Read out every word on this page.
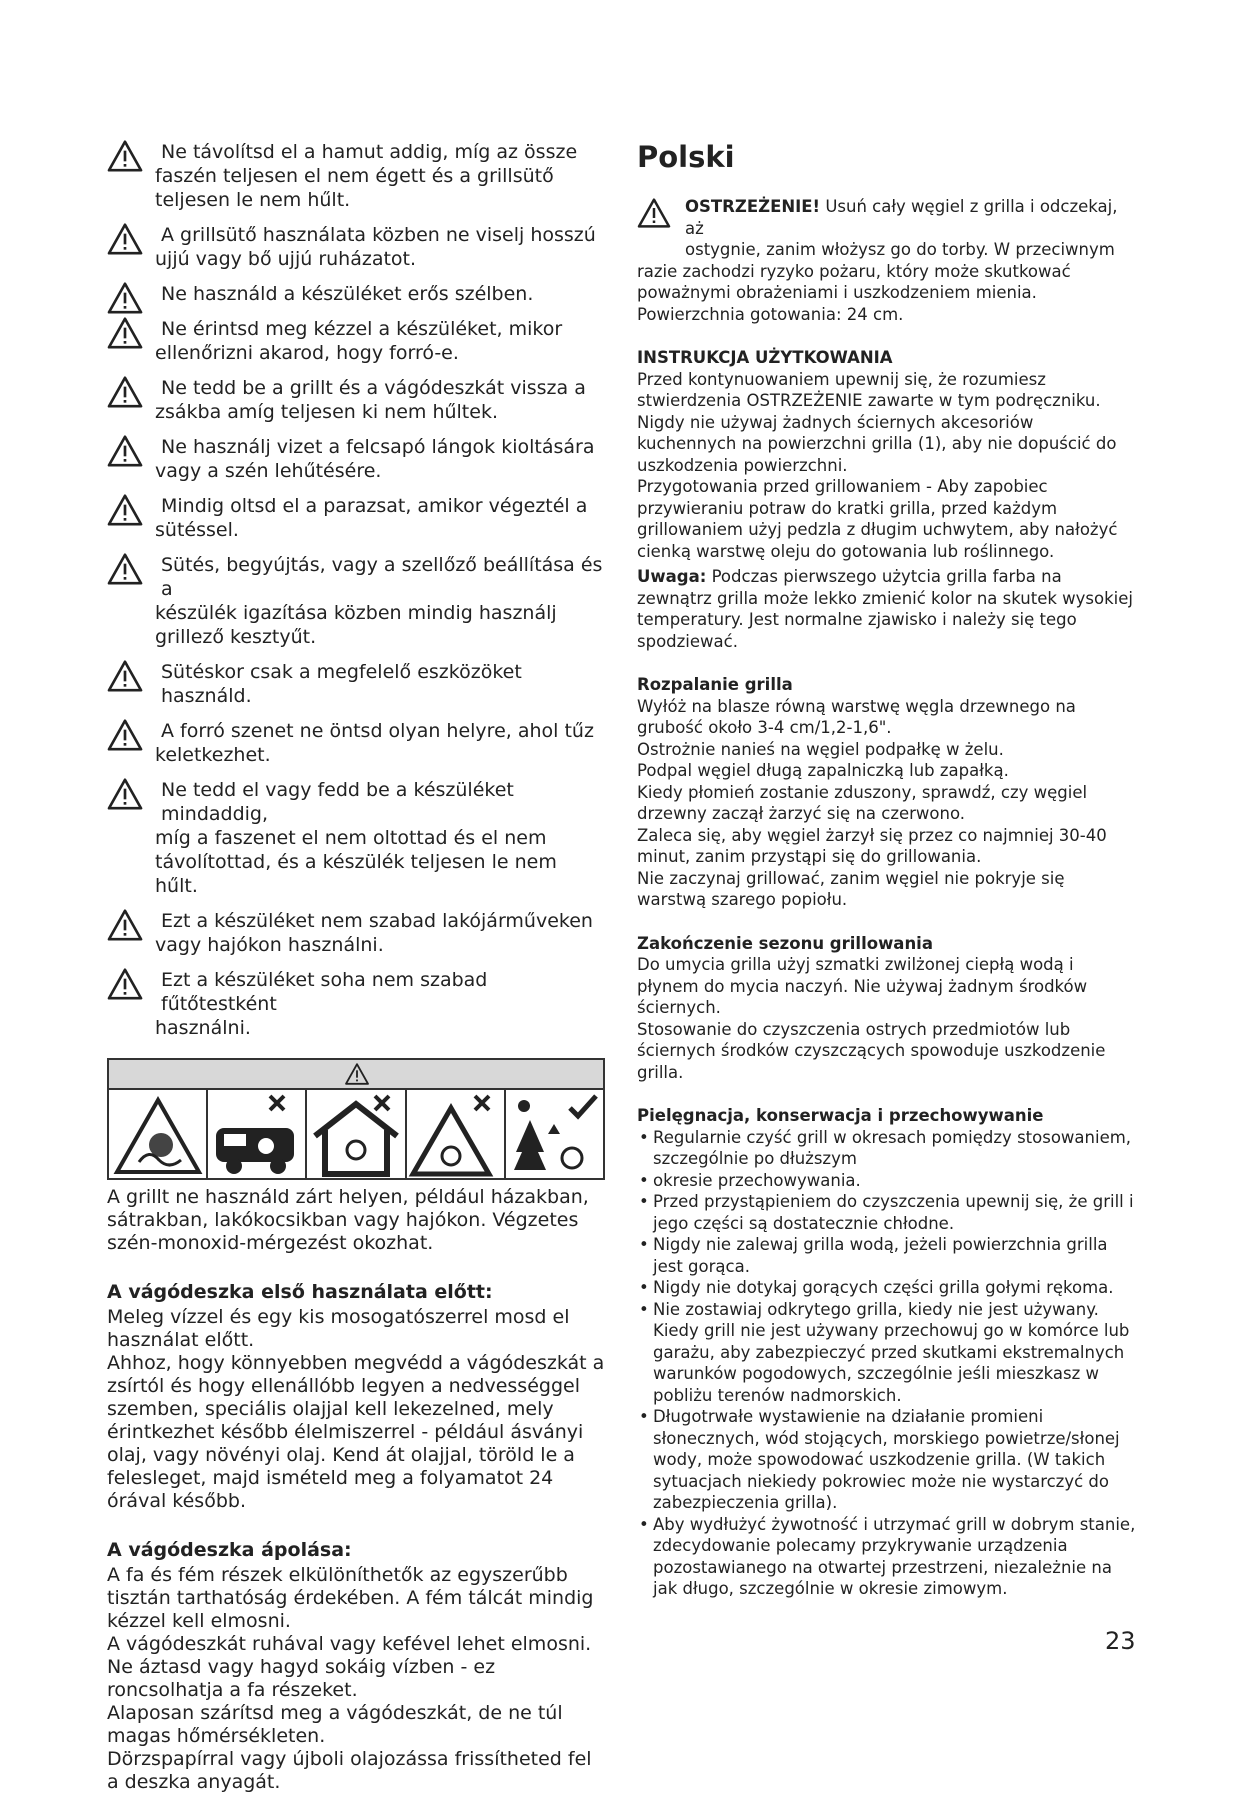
Ne távolítsd el a hamut addig, míg az össze
faszén teljesen el nem égett és a grillsütő teljesen le nem hűlt.
A grillsütő használata közben ne viselj hosszú
ujjú vagy bő ujjú ruházatot.
Ne használd a készüléket erős szélben.
Ne érintsd meg kézzel a készüléket, mikor
ellenőrizni akarod, hogy forró-e.
Ne tedd be a grillt és a vágódeszkát vissza a
zsákba amíg teljesen ki nem hűltek.
Ne használj vizet a felcsapó lángok kioltására
vagy a szén lehűtésére.
Mindig oltsd el a parazsat, amikor végeztél a
sütéssel.
Sütés, begyújtás, vagy a szellőző beállítása és a
készülék igazítása közben mindig használj grillező kesztyűt.
Sütéskor csak a megfelelő eszközöket használd.
A forró szenet ne öntsd olyan helyre, ahol tűz
keletkezhet.
Ne tedd el vagy fedd be a készüléket mindaddig,
míg a faszenet el nem oltottad és el nem távolítottad, és a készülék teljesen le nem hűlt.
Ezt a készüléket nem szabad lakójárműveken
vagy hajókon használni.
Ezt a készüléket soha nem szabad fűtőtestként
használni.

A grillt ne használd zárt helyen, például házakban, sátrakban, lakókocsikban vagy hajókon. Végzetes szén-monoxid-mérgezést okozhat.

A vágódeszka első használata előtt:

Meleg vízzel és egy kis mosogatószerrel mosd el használat előtt.

Ahhoz, hogy könnyebben megvédd a vágódeszkát a zsírtól és hogy ellenállóbb legyen a nedvességgel szemben, speciális olajjal kell lekezelned, mely érintkezhet később élelmiszerrel - például ásványi olaj, vagy növényi olaj. Kend át olajjal, töröld le a felesleget, majd ismételd meg a folyamatot 24 órával később.

A vágódeszka ápolása:

A fa és fém részek elkülöníthetők az egyszerűbb tisztán tarthatóság érdekében. A fém tálcát mindig kézzel kell elmosni.

A vágódeszkát ruhával vagy kefével lehet elmosni. Ne áztasd vagy hagyd sokáig vízben - ez roncsolhatja a fa részeket.

Alaposan szárítsd meg a vágódeszkát, de ne túl magas hőmérsékleten.

Dörzspapírral vagy újboli olajozássa frissítheted fel a deszka anyagát.

Polski
OSTRZEŻENIE! Usuń cały węgiel z grilla i odczekaj, aż
ostygnie, zanim włożysz go do torby. W przeciwnym
razie zachodzi ryzyko pożaru, który może skutkować poważnymi obrażeniami i uszkodzeniem mienia.

Powierzchnia gotowania: 24 cm.

INSTRUKCJA UŻYTKOWANIA

Przed kontynuowaniem upewnij się, że rozumiesz stwierdzenia OSTRZEŻENIE zawarte w tym podręczniku.

Nigdy nie używaj żadnych ściernych akcesoriów kuchennych na powierzchni grilla (1), aby nie dopuścić do uszkodzenia powierzchni.

Przygotowania przed grillowaniem - Aby zapobiec przywieraniu potraw do kratki grilla, przed każdym grillowaniem użyj pedzla z długim uchwytem, aby nałożyć cienką warstwę oleju do gotowania lub roślinnego.

Uwaga: Podczas pierwszego użytcia grilla farba na zewnątrz grilla może lekko zmienić kolor na skutek wysokiej temperatury. Jest normalne zjawisko i należy się tego spodziewać.

Rozpalanie grilla

Wyłóż na blasze równą warstwę węgla drzewnego na grubość około 3-4 cm/1,2-1,6".

Ostrożnie nanieś na węgiel podpałkę w żelu.

Podpal węgiel długą zapalniczką lub zapałką.

Kiedy płomień zostanie zduszony, sprawdź, czy węgiel drzewny zaczął żarzyć się na czerwono.

Zaleca się, aby węgiel żarzył się przez co najmniej 30-40 minut, zanim przystąpi się do grillowania.

Nie zaczynaj grillować, zanim węgiel nie pokryje się warstwą szarego popiołu.

Zakończenie sezonu grillowania

Do umycia grilla użyj szmatki zwilżonej ciepłą wodą i płynem do mycia naczyń. Nie używaj żadnym środków ściernych.

Stosowanie do czyszczenia ostrych przedmiotów lub ściernych środków czyszczących spowoduje uszkodzenie grilla.

Pielęgnacja, konserwacja i przechowywanie

• Regularnie czyść grill w okresach pomiędzy stosowaniem, szczególnie po dłuższym
• okresie przechowywania.
• Przed przystąpieniem do czyszczenia upewnij się, że grill i jego części są dostatecznie chłodne.
• Nigdy nie zalewaj grilla wodą, jeżeli powierzchnia grilla jest gorąca.
• Nigdy nie dotykaj gorących części grilla gołymi rękoma.
• Nie zostawiaj odkrytego grilla, kiedy nie jest używany. Kiedy grill nie jest używany przechowuj go w komórce lub garażu, aby zabezpieczyć przed skutkami ekstremalnych warunków pogodowych, szczególnie jeśli mieszkasz w pobliżu terenów nadmorskich.
• Długotrwałe wystawienie na działanie promieni słonecznych, wód stojących, morskiego powietrze/słonej wody, może spowodować uszkodzenie grilla. (W takich sytuacjach niekiedy pokrowiec może nie wystarczyć do zabezpieczenia grilla).
• Aby wydłużyć żywotność i utrzymać grill w dobrym stanie, zdecydowanie polecamy przykrywanie urządzenia pozostawianego na otwartej przestrzeni, niezależnie na jak długo, szczególnie w okresie zimowym.
23
